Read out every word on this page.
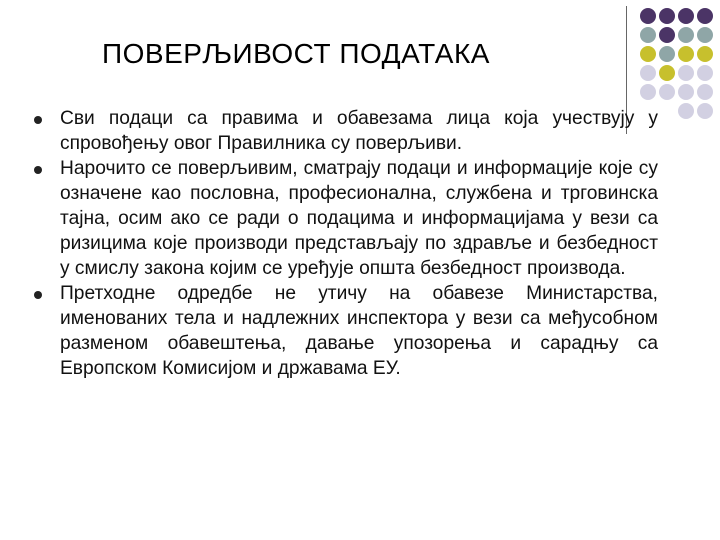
ПОВЕРЉИВОСТ ПОДАТАКА
Сви подаци са правима и обавезама лица која учествују у спровођењу овог Правилника су поверљиви.
Нарочито се поверљивим, сматрају подаци и информације које су означене као пословна, професионална, службена и трговинска тајна, осим ако се ради о подацима и информацијама у вези са ризицима које производи представљају по здравље и безбедност у смислу закона којим се уређује општа безбедност производа.
Претходне одредбе не утичу на обавезе Министарства, именованих тела и надлежних инспектора у вези са међусобном разменом обавештења, давање упозорења и сарадњу са Европском Комисијом и државама ЕУ.
